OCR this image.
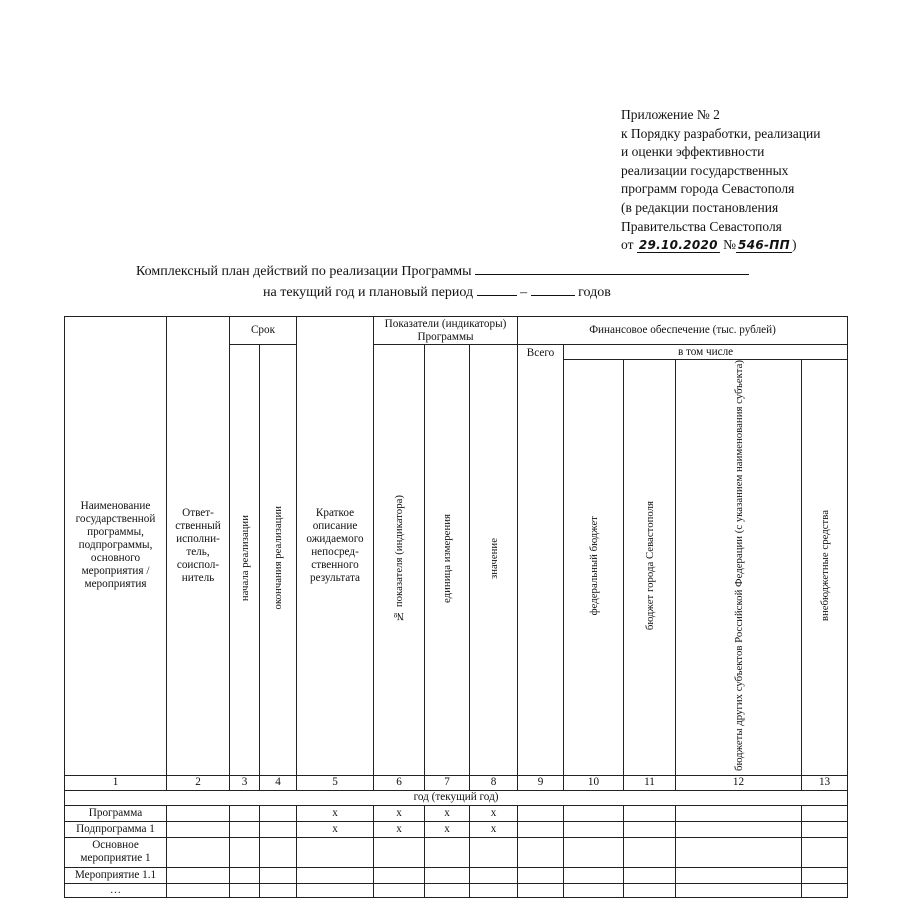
Приложение № 2
к Порядку разработки, реализации
и оценки эффективности
реализации государственных
программ города Севастополя
(в редакции постановления
Правительства Севастополя
от 29.10.2020 № 546-ПП )
Комплексный план действий по реализации Программы
на текущий год и плановый период	–	годов
Наименование государственной программы, подпрограммы, основного мероприятия / мероприятия	Ответ-ственный исполни-тель, соиспол-нитель	Срок		Краткое описание ожидаемого непосред-ственного результата	Показатели (индикаторы) Программы			Финансовое обеспечение (тыс. рублей)				
		начала реализации	окончания реализации		№ показателя (индикатора)	единица измерения	значение	Всего	в том числе			
									федеральный бюджет	бюджет города Севастополя	бюджеты других субъектов Российской Федерации (с указанием наименования субъекта)	внебюджетные средства
1	2	3	4	5	6	7	8	9	10	11	12	13
год (текущий год)												
Программа				х	х	х	х					
Подпрограмма 1				х	х	х	х					
Основное мероприятие 1												
Мероприятие 1.1												
…												
